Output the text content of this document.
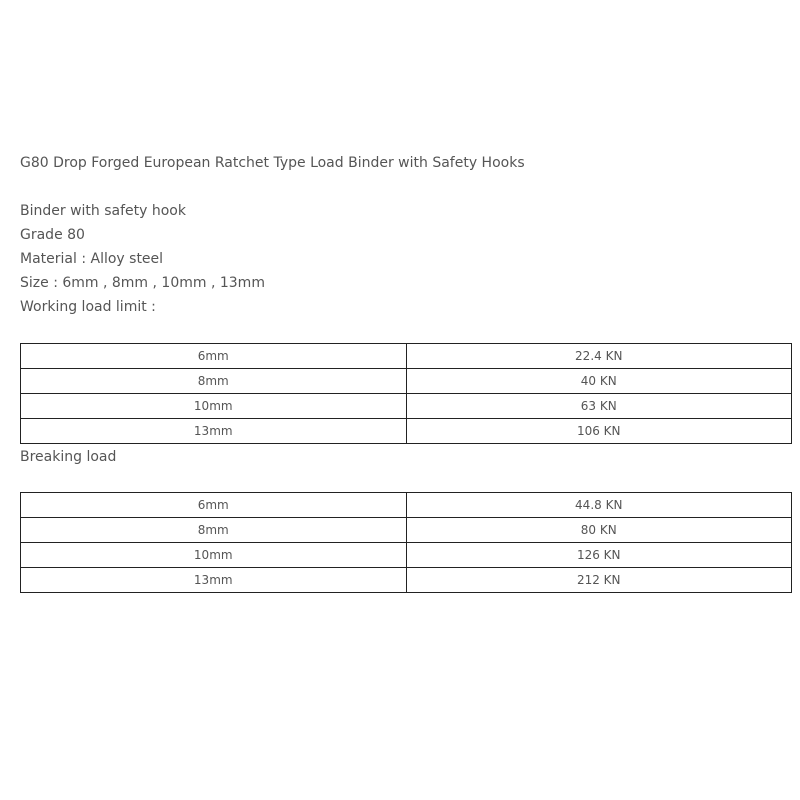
G80 Drop Forged European Ratchet Type Load Binder with Safety Hooks
Binder with safety hook
Grade 80
Material : Alloy steel
Size : 6mm , 8mm , 10mm , 13mm
Working load limit :
6mm	22.4 KN
8mm	40 KN
10mm	63 KN
13mm	106 KN
Breaking load
6mm	44.8 KN
8mm	80 KN
10mm	126 KN
13mm	212 KN
